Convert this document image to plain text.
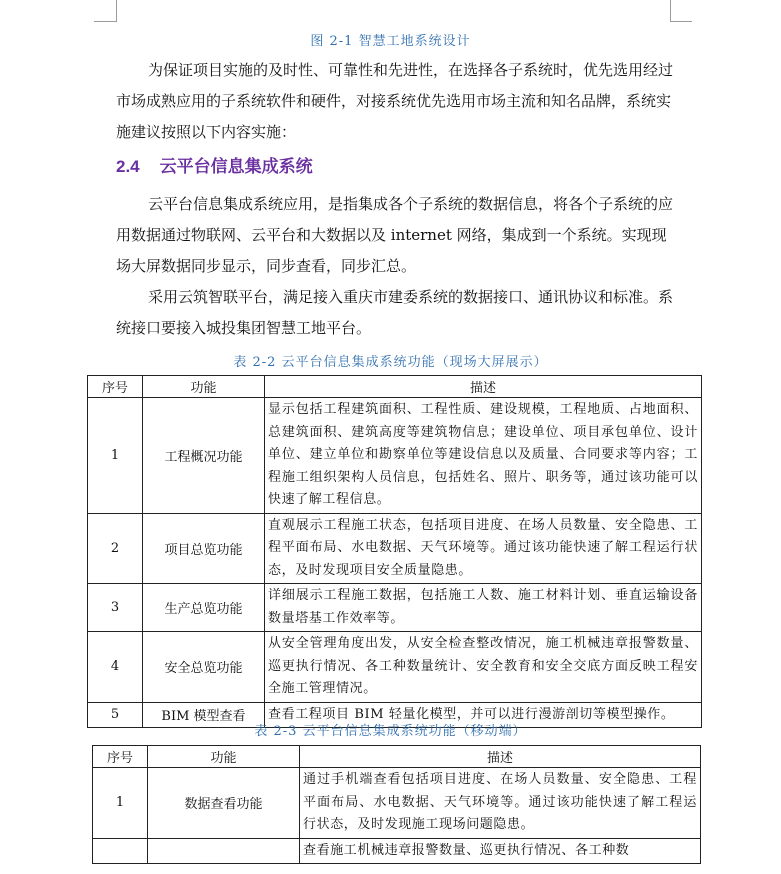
图 2-1 智慧工地系统设计

为保证项目实施的及时性、可靠性和先进性，在选择各子系统时，优先选用经过市场成熟应用的子系统软件和硬件，对接系统优先选用市场主流和知名品牌，系统实施建议按照以下内容实施：

2.4 云平台信息集成系统

云平台信息集成系统应用，是指集成各个子系统的数据信息，将各个子系统的应用数据通过物联网、云平台和大数据以及 internet 网络，集成到一个系统。实现现场大屏数据同步显示，同步查看，同步汇总。

采用云筑智联平台，满足接入重庆市建委系统的数据接口、通讯协议和标准。系统接口要接入城投集团智慧工地平台。

表 2-2 云平台信息集成系统功能（现场大屏展示）
序号	功能	描述
1	工程概况功能	显示包括工程建筑面积、工程性质、建设规模，工程地质、占地面积、总建筑面积、建筑高度等建筑物信息；建设单位、项目承包单位、设计单位、建立单位和勘察单位等建设信息以及质量、合同要求等内容；工程施工组织架构人员信息，包括姓名、照片、职务等，通过该功能可以快速了解工程信息。
2	项目总览功能	直观展示工程施工状态，包括项目进度、在场人员数量、安全隐患、工程平面布局、水电数据、天气环境等。通过该功能快速了解工程运行状态，及时发现项目安全质量隐患。
3	生产总览功能	详细展示工程施工数据，包括施工人数、施工材料计划、垂直运输设备数量塔基工作效率等。
4	安全总览功能	从安全管理角度出发，从安全检查整改情况，施工机械违章报警数量、巡更执行情况、各工种数量统计、安全教育和安全交底方面反映工程安全施工管理情况。
5	BIM 模型查看	查看工程项目 BIM 轻量化模型，并可以进行漫游剖切等模型操作。
表 2-3 云平台信息集成系统功能（移动端）
序号	功能	描述
1	数据查看功能	通过手机端查看包括项目进度、在场人员数量、安全隐患、工程平面布局、水电数据、天气环境等。通过该功能快速了解工程运行状态，及时发现施工现场问题隐患。
		查看施工机械违章报警数量、巡更执行情况、各工种数
